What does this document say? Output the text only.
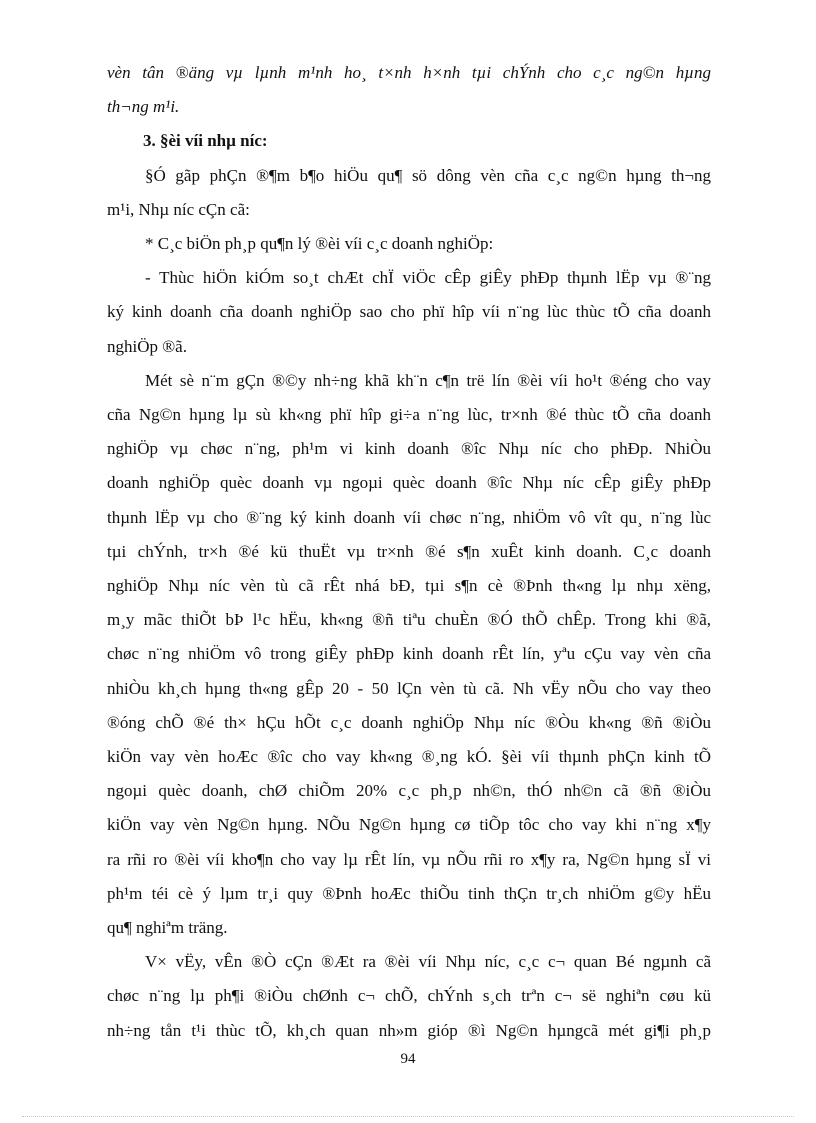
vèn tân ®äng vµ lµnh m¹nh ho¸ t×nh h×nh tµi chÝnh cho c¸c ng©n hµng
th¬ng m¹i.
3. §èi víi nhµ níc:
§Ó gãp phÇn ®¶m b¶o hiÖu qu¶ sö dông vèn cña c¸c ng©n hµng th¬ng
m¹i, Nhµ níc cÇn cã:
* C¸c biÖn ph¸p qu¶n lý ®èi víi c¸c doanh nghiÖp:
- Thùc hiÖn kiÓm so¸t chÆt chÏ viÖc cÊp giÊy phÐp thµnh lËp vµ ®¨ng
ký kinh doanh cña doanh nghiÖp sao cho phï hîp víi n¨ng lùc thùc tÕ cña doanh
nghiÖp ®ã.
Mét sè n¨m gÇn ®©y nh÷ng khã kh¨n c¶n trë lín ®èi víi ho¹t ®éng cho vay
cña Ng©n hµng lµ sù kh«ng phï hîp gi÷a n¨ng lùc, tr×nh ®é thùc tÕ cña doanh
nghiÖp vµ chøc n¨ng, ph¹m vi kinh doanh ®îc Nhµ níc cho phÐp. NhiÒu
doanh nghiÖp quèc doanh vµ ngoµi quèc doanh ®îc Nhµ níc cÊp giÊy phÐp
thµnh lËp vµ cho ®¨ng ký kinh doanh víi chøc n¨ng, nhiÖm vô vît qu¸ n¨ng lùc
tµi chÝnh, tr×h ®é kü thuËt vµ tr×nh ®é s¶n xuÊt kinh doanh. C¸c doanh
nghiÖp Nhµ níc vèn tù cã rÊt nhá bÐ, tµi s¶n cè ®Þnh th«ng lµ nhµ xëng,
m¸y mãc thiÕt bÞ l¹c hËu, kh«ng ®ñ tiªu chuÈn ®Ó thÕ chÊp. Trong khi ®ã,
chøc n¨ng nhiÖm vô trong giÊy phÐp kinh doanh rÊt lín, yªu cÇu vay vèn cña
nhiÒu kh¸ch hµng th«ng gÊp 20 - 50 lÇn vèn tù cã. Nh vËy nÕu cho vay theo
®óng chÕ ®é th× hÇu hÕt c¸c doanh nghiÖp Nhµ níc ®Òu kh«ng ®ñ ®iÒu
kiÖn vay vèn hoÆc ®îc cho vay kh«ng ®¸ng kÓ. §èi víi thµnh phÇn kinh tÕ
ngoµi quèc doanh, chØ chiÕm 20% c¸c ph¸p nh©n, thÓ nh©n cã ®ñ ®iÒu
kiÖn vay vèn Ng©n hµng. NÕu Ng©n hµng cø tiÕp tôc cho vay khi n¨ng x¶y
ra rñi ro ®èi víi kho¶n cho vay lµ rÊt lín, vµ nÕu rñi ro x¶y ra, Ng©n hµng sÏ vi
ph¹m téi cè ý lµm tr¸i quy ®Þnh hoÆc thiÕu tinh thÇn tr¸ch nhiÖm g©y hËu
qu¶ nghiªm träng.
V× vËy, vÊn ®Ò cÇn ®Æt ra ®èi víi Nhµ níc, c¸c c¬ quan Bé ngµnh cã
chøc n¨ng lµ ph¶i ®iÒu chØnh c¬ chÕ, chÝnh s¸ch trªn c¬ së nghiªn cøu kü
nh÷ng tån t¹i thùc tÕ, kh¸ch quan nh»m gióp ®ì Ng©n hµngcã mét gi¶i ph¸p
94
